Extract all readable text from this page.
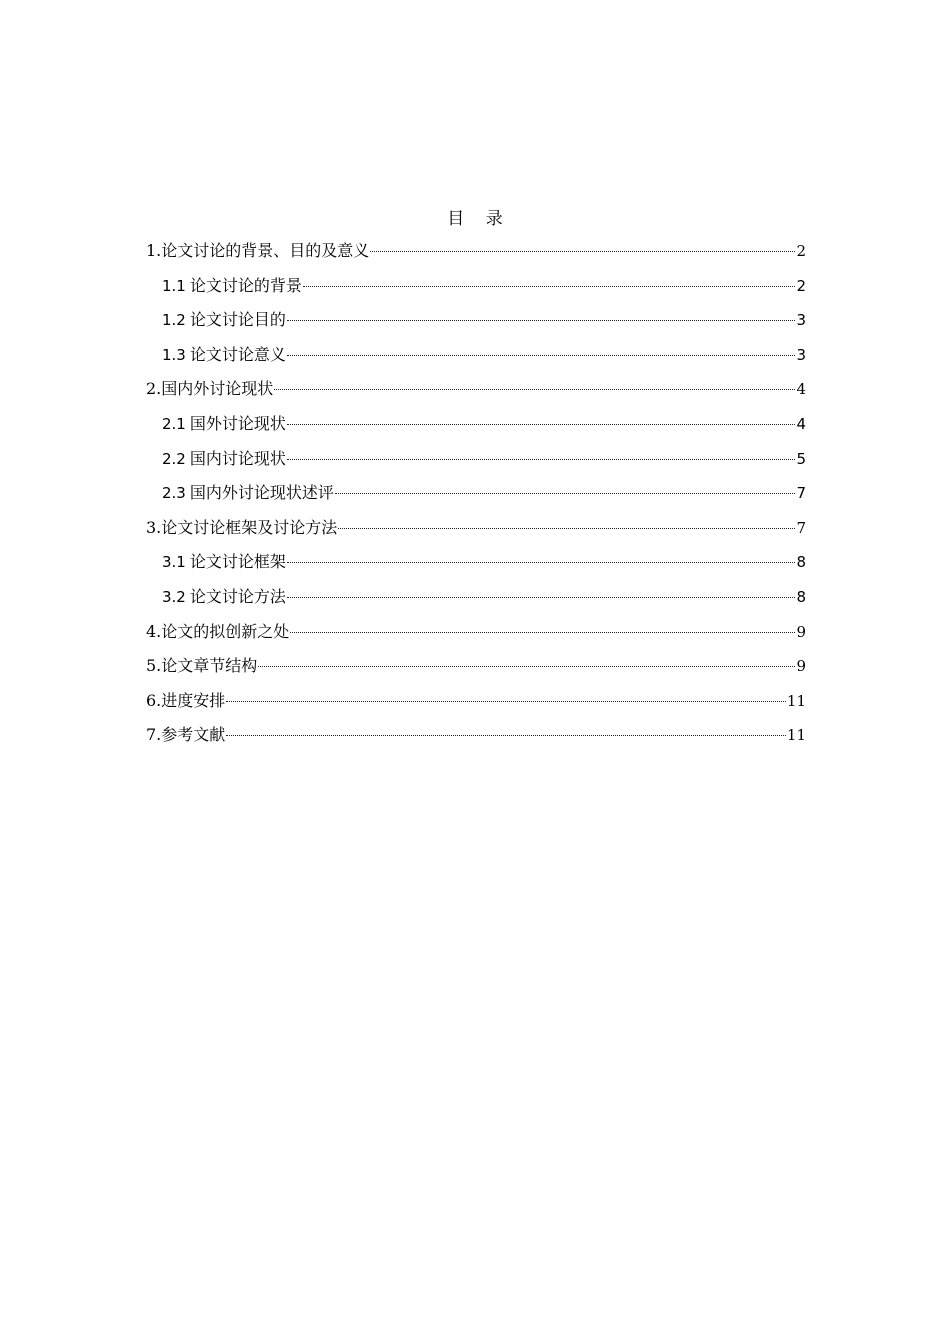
目 录
1. 论文讨论的背景、目的及意义	2
1.1 论文讨论的背景	2
1.2 论文讨论目的	3
1.3 论文讨论意义	3
2. 国内外讨论现状	4
2.1 国外讨论现状	4
2.2 国内讨论现状	5
2.3 国内外讨论现状述评	7
3. 论文讨论框架及讨论方法	7
3.1 论文讨论框架	8
3.2 论文讨论方法	8
4. 论文的拟创新之处	9
5. 论文章节结构	9
6. 进度安排	11
7. 参考文献	11
